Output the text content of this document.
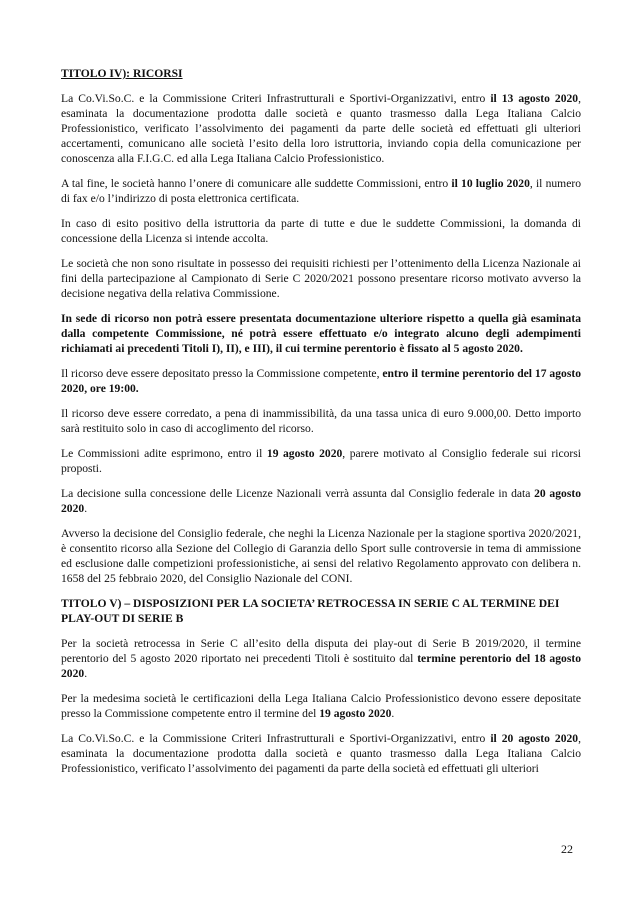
TITOLO IV): RICORSI

La Co.Vi.So.C. e la Commissione Criteri Infrastrutturali e Sportivi-Organizzativi, entro il 13 agosto 2020, esaminata la documentazione prodotta dalle società e quanto trasmesso dalla Lega Italiana Calcio Professionistico, verificato l’assolvimento dei pagamenti da parte delle società ed effettuati gli ulteriori accertamenti, comunicano alle società l’esito della loro istruttoria, inviando copia della comunicazione per conoscenza alla F.I.G.C. ed alla Lega Italiana Calcio Professionistico.

A tal fine, le società hanno l’onere di comunicare alle suddette Commissioni, entro il 10 luglio 2020, il numero di fax e/o l’indirizzo di posta elettronica certificata.

In caso di esito positivo della istruttoria da parte di tutte e due le suddette Commissioni, la domanda di concessione della Licenza si intende accolta.

Le società che non sono risultate in possesso dei requisiti richiesti per l’ottenimento della Licenza Nazionale ai fini della partecipazione al Campionato di Serie C 2020/2021 possono presentare ricorso motivato avverso la decisione negativa della relativa Commissione.

In sede di ricorso non potrà essere presentata documentazione ulteriore rispetto a quella già esaminata dalla competente Commissione, né potrà essere effettuato e/o integrato alcuno degli adempimenti richiamati ai precedenti Titoli I), II), e III), il cui termine perentorio è fissato al 5 agosto 2020.

Il ricorso deve essere depositato presso la Commissione competente, entro il termine perentorio del 17 agosto 2020, ore 19:00.

Il ricorso deve essere corredato, a pena di inammissibilità, da una tassa unica di euro 9.000,00. Detto importo sarà restituito solo in caso di accoglimento del ricorso.

Le Commissioni adite esprimono, entro il 19 agosto 2020, parere motivato al Consiglio federale sui ricorsi proposti.

La decisione sulla concessione delle Licenze Nazionali verrà assunta dal Consiglio federale in data 20 agosto 2020.

Avverso la decisione del Consiglio federale, che neghi la Licenza Nazionale per la stagione sportiva 2020/2021, è consentito ricorso alla Sezione del Collegio di Garanzia dello Sport sulle controversie in tema di ammissione ed esclusione dalle competizioni professionistiche, ai sensi del relativo Regolamento approvato con delibera n. 1658 del 25 febbraio 2020, del Consiglio Nazionale del CONI.

TITOLO V) – DISPOSIZIONI PER LA SOCIETA’ RETROCESSA IN SERIE C AL TERMINE DEI PLAY-OUT DI SERIE B

Per la società retrocessa in Serie C all’esito della disputa dei play-out di Serie B 2019/2020, il termine perentorio del 5 agosto 2020 riportato nei precedenti Titoli è sostituito dal termine perentorio del 18 agosto 2020.

Per la medesima società le certificazioni della Lega Italiana Calcio Professionistico devono essere depositate presso la Commissione competente entro il termine del 19 agosto 2020.

La Co.Vi.So.C. e la Commissione Criteri Infrastrutturali e Sportivi-Organizzativi, entro il 20 agosto 2020, esaminata la documentazione prodotta dalla società e quanto trasmesso dalla Lega Italiana Calcio Professionistico, verificato l’assolvimento dei pagamenti da parte della società ed effettuati gli ulteriori

22
